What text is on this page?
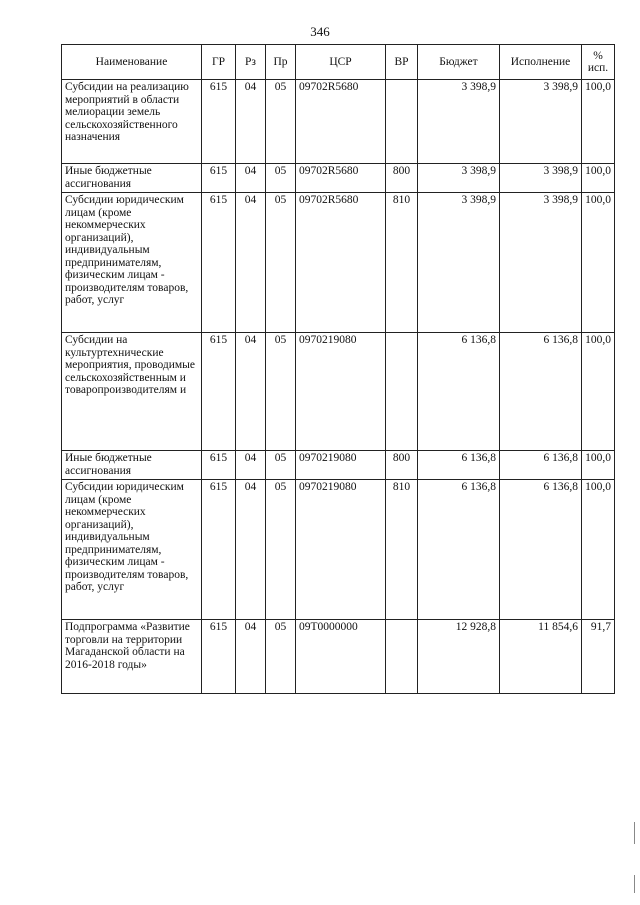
346
Наименование	ГР	Рз	Пр	ЦСР	ВР	Бюджет	Исполнение	%
исп.
Субсидии на реализацию мероприятий в области мелиорации земель сельскохозяйственного назначения	615	04	05	09702R5680		3 398,9	3 398,9	100,0
Иные бюджетные ассигнования	615	04	05	09702R5680	800	3 398,9	3 398,9	100,0
Субсидии юридическим лицам (кроме некоммерческих организаций), индивидуальным предпринимателям, физическим лицам - производителям товаров, работ, услуг	615	04	05	09702R5680	810	3 398,9	3 398,9	100,0
Субсидии на культуртехнические мероприятия, проводимые сельскохозяйственным и товаропроизводителям и	615	04	05	0970219080		6 136,8	6 136,8	100,0
Иные бюджетные ассигнования	615	04	05	0970219080	800	6 136,8	6 136,8	100,0
Субсидии юридическим лицам (кроме некоммерческих организаций), индивидуальным предпринимателям, физическим лицам - производителям товаров, работ, услуг	615	04	05	0970219080	810	6 136,8	6 136,8	100,0
Подпрограмма «Развитие торговли на территории Магаданской области на 2016-2018 годы»	615	04	05	09Т0000000		12 928,8	11 854,6	91,7
